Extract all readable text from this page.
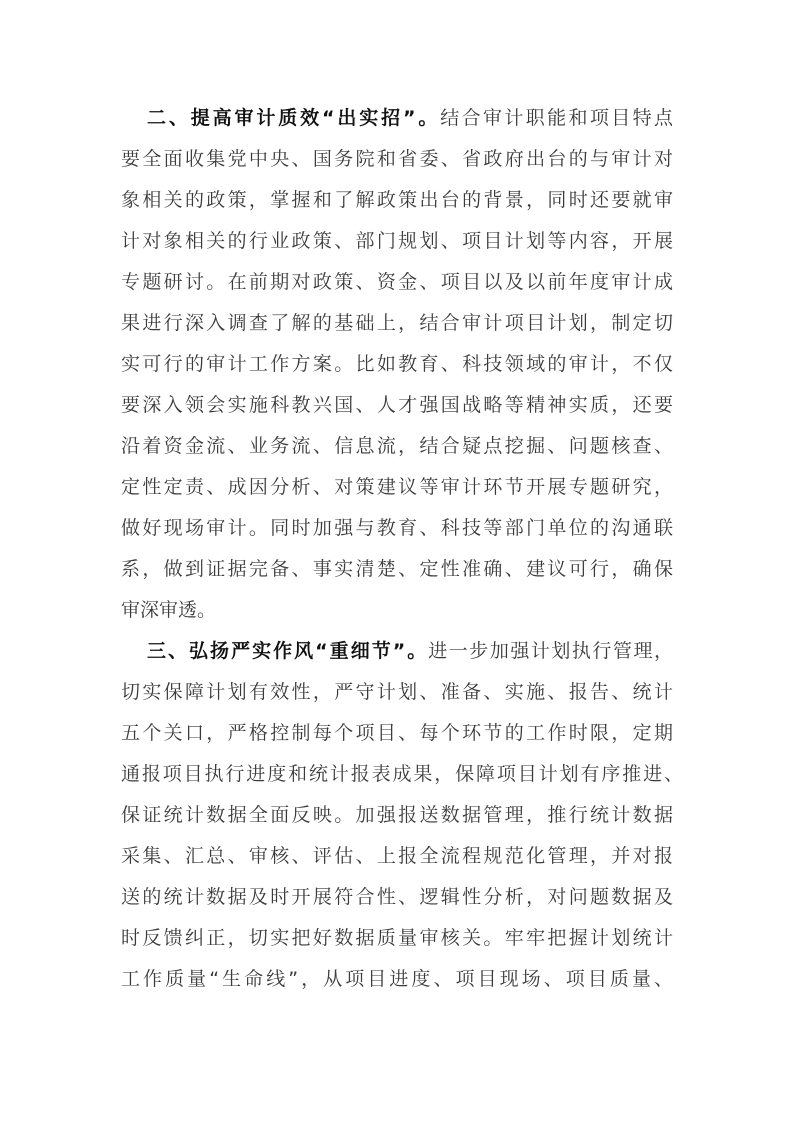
二、提高审计质效“出实招”。结合审计职能和项目特点
要全面收集党中央、国务院和省委、省政府出台的与审计对
象相关的政策，掌握和了解政策出台的背景，同时还要就审
计对象相关的行业政策、部门规划、项目计划等内容，开展
专题研讨。在前期对政策、资金、项目以及以前年度审计成
果进行深入调查了解的基础上，结合审计项目计划，制定切
实可行的审计工作方案。比如教育、科技领域的审计，不仅
要深入领会实施科教兴国、人才强国战略等精神实质，还要
沿着资金流、业务流、信息流，结合疑点挖掘、问题核查、
定性定责、成因分析、对策建议等审计环节开展专题研究，
做好现场审计。同时加强与教育、科技等部门单位的沟通联
系，做到证据完备、事实清楚、定性准确、建议可行，确保
审深审透。
三、弘扬严实作风“重细节”。进一步加强计划执行管理，
切实保障计划有效性，严守计划、准备、实施、报告、统计
五个关口，严格控制每个项目、每个环节的工作时限，定期
通报项目执行进度和统计报表成果，保障项目计划有序推进、
保证统计数据全面反映。加强报送数据管理，推行统计数据
采集、汇总、审核、评估、上报全流程规范化管理，并对报
送的统计数据及时开展符合性、逻辑性分析，对问题数据及
时反馈纠正，切实把好数据质量审核关。牢牢把握计划统计
工作质量“生命线”，从项目进度、项目现场、项目质量、
